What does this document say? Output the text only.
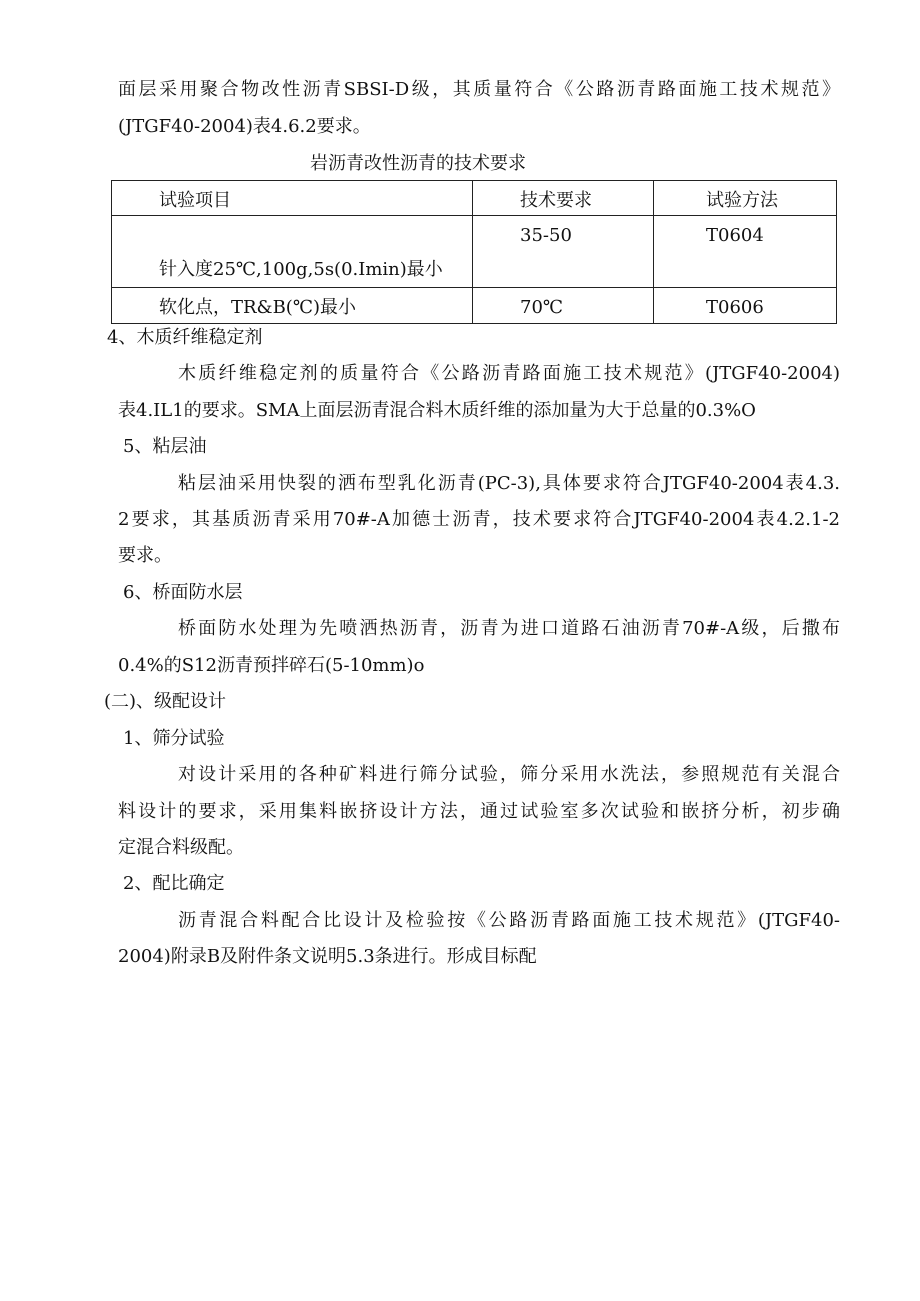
面层采用聚合物改性沥青SBSI-D级，其质量符合《公路沥青路面施工技术规范》
(JTGF40-2004)表4.6.2要求。
岩沥青改性沥青的技术要求
试验项目	技术要求	试验方法

针入度25℃,100g,5s(0.Imin)最小	35-50	T0604

软化点，TR&B(℃)最小	70℃	T0606
4、木质纤维稳定剂
木质纤维稳定剂的质量符合《公路沥青路面施工技术规范》(JTGF40-2004)
表4.IL1的要求。SMA上面层沥青混合料木质纤维的添加量为大于总量的0.3%O
5、粘层油
粘层油采用快裂的洒布型乳化沥青(PC-3),具体要求符合JTGF40-2004表4.3.
2要求，其基质沥青采用70#-A加德士沥青，技术要求符合JTGF40-2004表4.2.1-2
要求。
6、桥面防水层
桥面防水处理为先喷洒热沥青，沥青为进口道路石油沥青70#-A级，后撒布
0.4%的S12沥青预拌碎石(5-10mm)o
(二)、级配设计
1、筛分试验
对设计采用的各种矿料进行筛分试验，筛分采用水洗法，参照规范有关混合
料设计的要求，采用集料嵌挤设计方法，通过试验室多次试验和嵌挤分析，初步确
定混合料级配。
2、配比确定
沥青混合料配合比设计及检验按《公路沥青路面施工技术规范》(JTGF40-
2004)附录B及附件条文说明5.3条进行。形成目标配
